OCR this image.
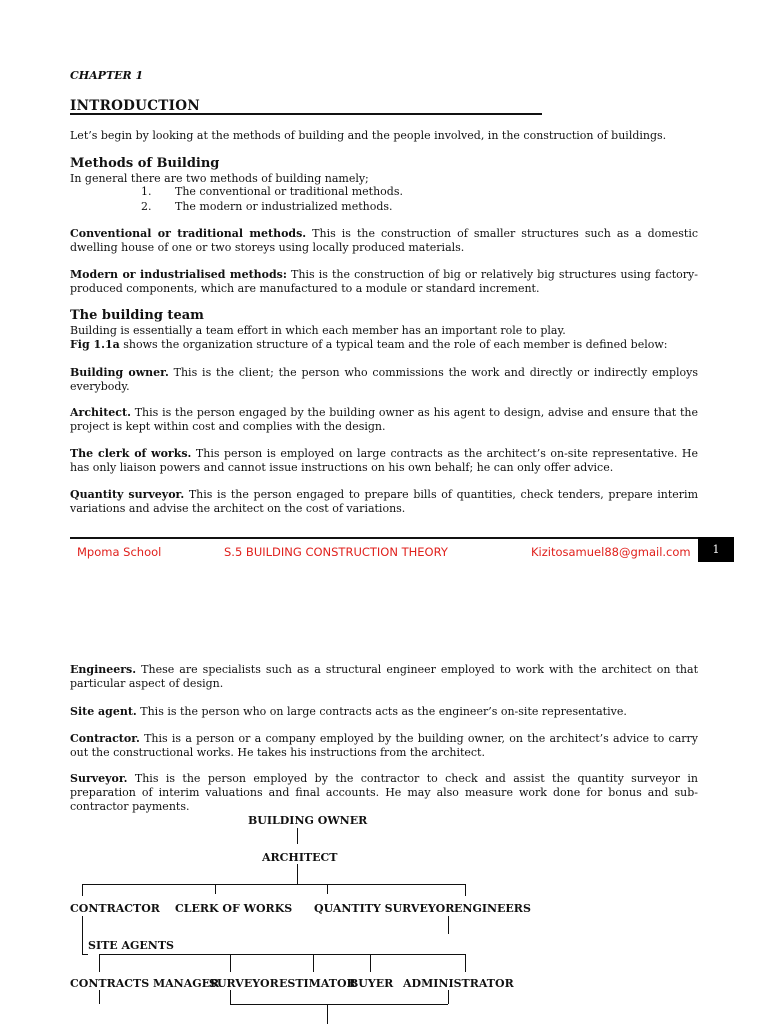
CHAPTER 1
INTRODUCTION
Let’s begin by looking at the methods of building and the people involved, in the construction of buildings.
Methods of Building
In general there are two methods of building namely;
1. The conventional or traditional methods.
2. The modern or industrialized methods.
Conventional or traditional methods. This is the construction of smaller structures such as a domestic dwelling house of one or two storeys using locally produced materials.
Modern or industrialised methods: This is the construction of big or relatively big structures using factory-produced components, which are manufactured to a module or standard increment.
The building team
Building is essentially a team effort in which each member has an important role to play.
Fig 1.1a shows the organization structure of a typical team and the role of each member is defined below:
Building owner. This is the client; the person who commissions the work and directly or indirectly employs everybody.
Architect. This is the person engaged by the building owner as his agent to design, advise and ensure that the project is kept within cost and complies with the design.
The clerk of works. This person is employed on large contracts as the architect’s on-site representative. He has only liaison powers and cannot issue instructions on his own behalf; he can only offer advice.
Quantity surveyor. This is the person engaged to prepare bills of quantities, check tenders, prepare interim variations and advise the architect on the cost of variations.
Mpoma School	S.5 BUILDING CONSTRUCTION THEORY	Kizitosamuel88@gmail.com	1
Engineers. These are specialists such as a structural engineer employed to work with the architect on that particular aspect of design.
Site agent. This is the person who on large contracts acts as the engineer’s on-site representative.
Contractor. This is a person or a company employed by the building owner, on the architect’s advice to carry out the constructional works. He takes his instructions from the architect.
Surveyor. This is the person employed by the contractor to check and assist the quantity surveyor in preparation of interim valuations and final accounts. He may also measure work done for bonus and sub-contractor payments.
BUILDING OWNER
ARCHITECT
CONTRACTOR CLERK OF WORKS QUANTITY SURVEYOR ENGINEERS
SITE AGENTS
CONTRACTS MANAGER
SURVEYOR ESTIMATOR
BUYER ADMINISTRATOR
